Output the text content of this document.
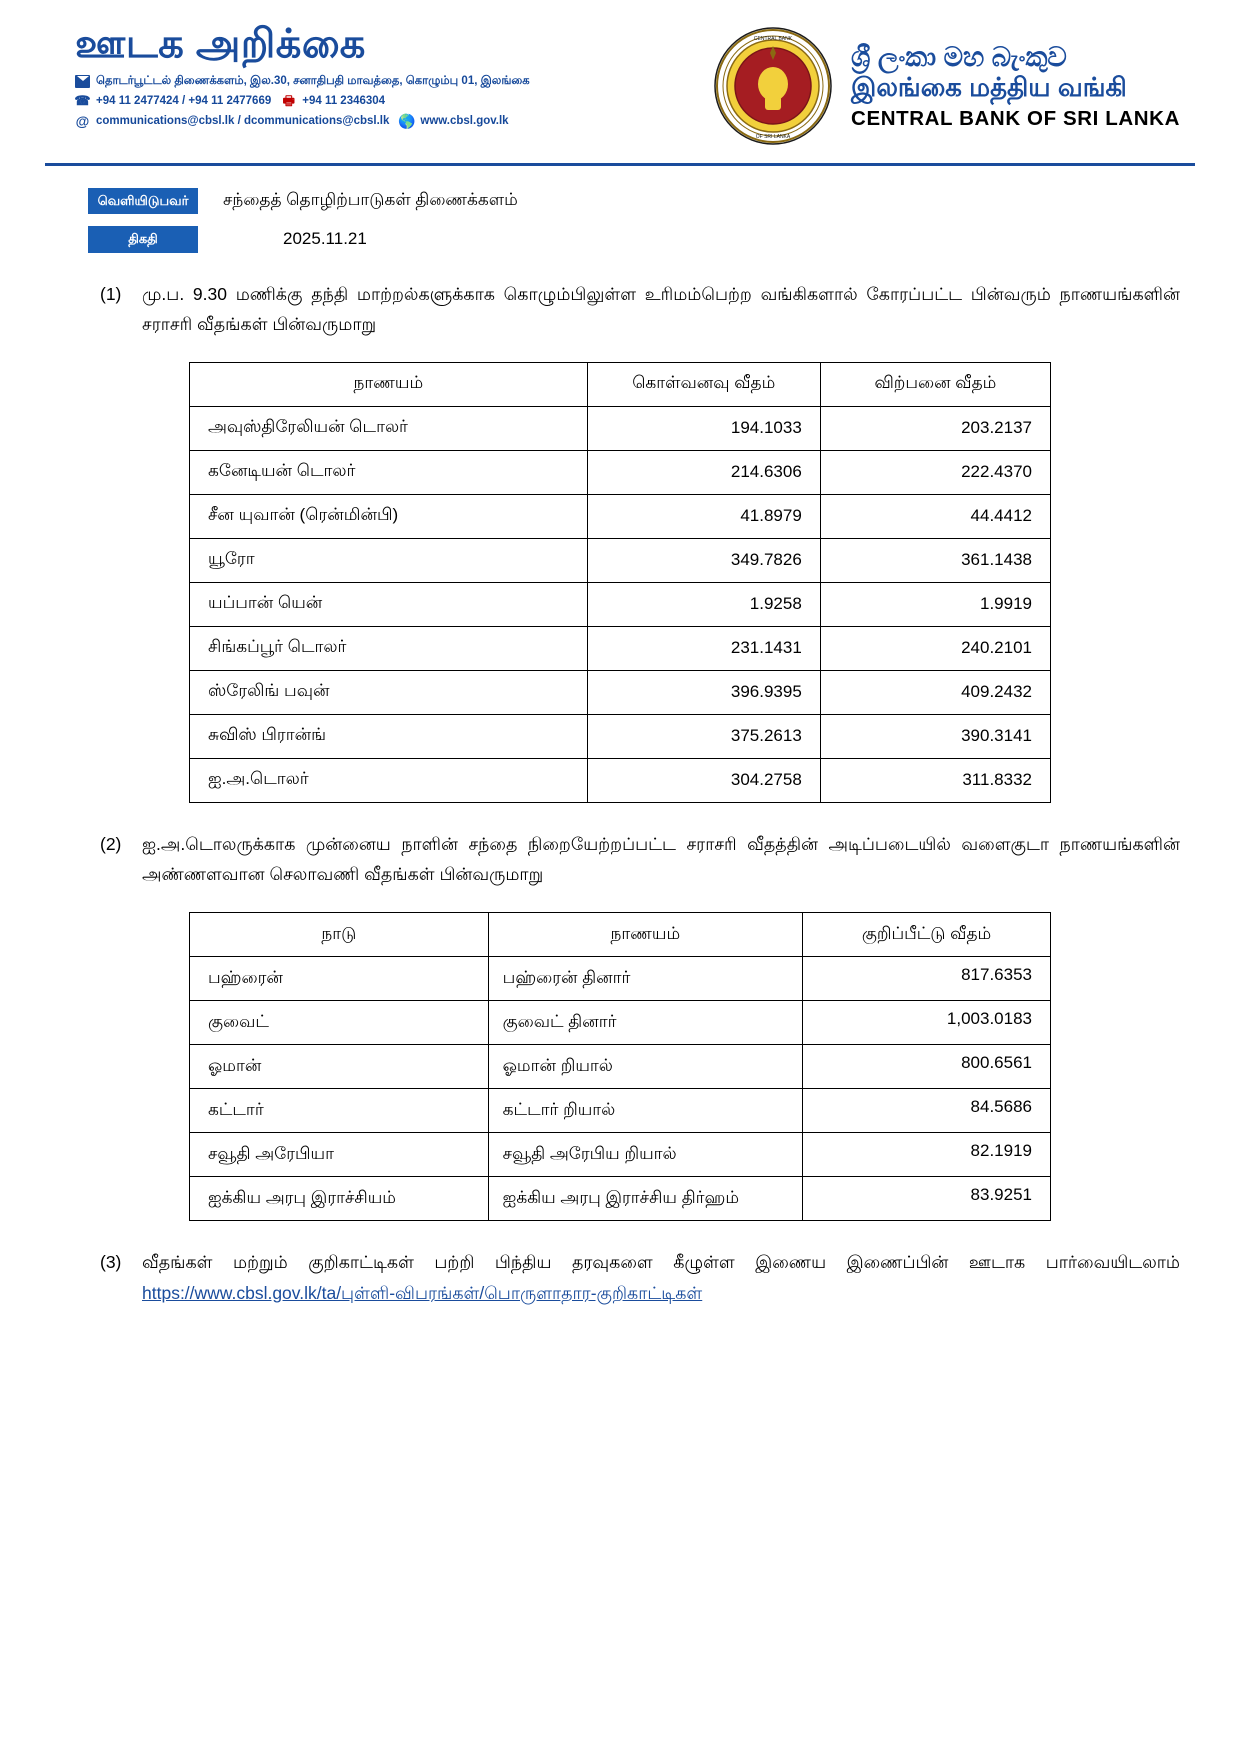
ஊடக அறிக்கை
தொடர்பூட்டல் திணைக்களம், இல.30, சனாதிபதி மாவத்தை, கொழும்பு 01, இலங்கை
☎ +94 11 2477424 / +94 11 2477669 🖶 +94 11 2346304
@ communications@cbsl.lk / dcommunications@cbsl.lk 🌎 www.cbsl.gov.lk
CENTRAL BANK
OF SRI LANKA
ශ්‍රී ලංකා මහ බැංකුව
இலங்கை மத்திய வங்கி
CENTRAL BANK OF SRI LANKA
வெளியிடுபவர்	சந்தைத் தொழிற்பாடுகள் திணைக்களம்
திகதி	2025.11.21
(1)	மு.ப. 9.30 மணிக்கு தந்தி மாற்றல்களுக்காக கொழும்பிலுள்ள உரிமம்பெற்ற வங்கிகளால் கோரப்பட்ட பின்வரும் நாணயங்களின் சராசரி வீதங்கள் பின்வருமாறு
நாணயம்	கொள்வனவு வீதம்	விற்பனை வீதம்
அவுஸ்திரேலியன் டொலர்	194.1033	203.2137
கனேடியன் டொலர்	214.6306	222.4370
சீன யுவான் (ரென்மின்பி)	41.8979	44.4412
யூரோ	349.7826	361.1438
யப்பான் யென்	1.9258	1.9919
சிங்கப்பூர் டொலர்	231.1431	240.2101
ஸ்ரேலிங் பவுன்	396.9395	409.2432
சுவிஸ் பிரான்ங்	375.2613	390.3141
ஐ.அ.டொலர்	304.2758	311.8332
(2)	ஐ.அ.டொலருக்காக முன்னைய நாளின் சந்தை நிறையேற்றப்பட்ட சராசரி வீதத்தின் அடிப்படையில் வளைகுடா நாணயங்களின் அண்ணளவான செலாவணி வீதங்கள் பின்வருமாறு
நாடு	நாணயம்	குறிப்பீட்டு வீதம்
பஹ்ரைன்	பஹ்ரைன் தினார்	817.6353
குவைட்	குவைட் தினார்	1,003.0183
ஓமான்	ஓமான் றியால்	800.6561
கட்டார்	கட்டார் றியால்	84.5686
சவூதி அரேபியா	சவூதி அரேபிய றியால்	82.1919
ஐக்கிய அரபு இராச்சியம்	ஐக்கிய அரபு இராச்சிய திர்ஹம்	83.9251
(3)	வீதங்கள் மற்றும் குறிகாட்டிகள் பற்றி பிந்திய தரவுகளை கீழுள்ள இணைய இணைப்பின் ஊடாக பார்வையிடலாம் https://www.cbsl.gov.lk/ta/புள்ளி-விபரங்கள்/பொருளாதார-குறிகாட்டிகள்
